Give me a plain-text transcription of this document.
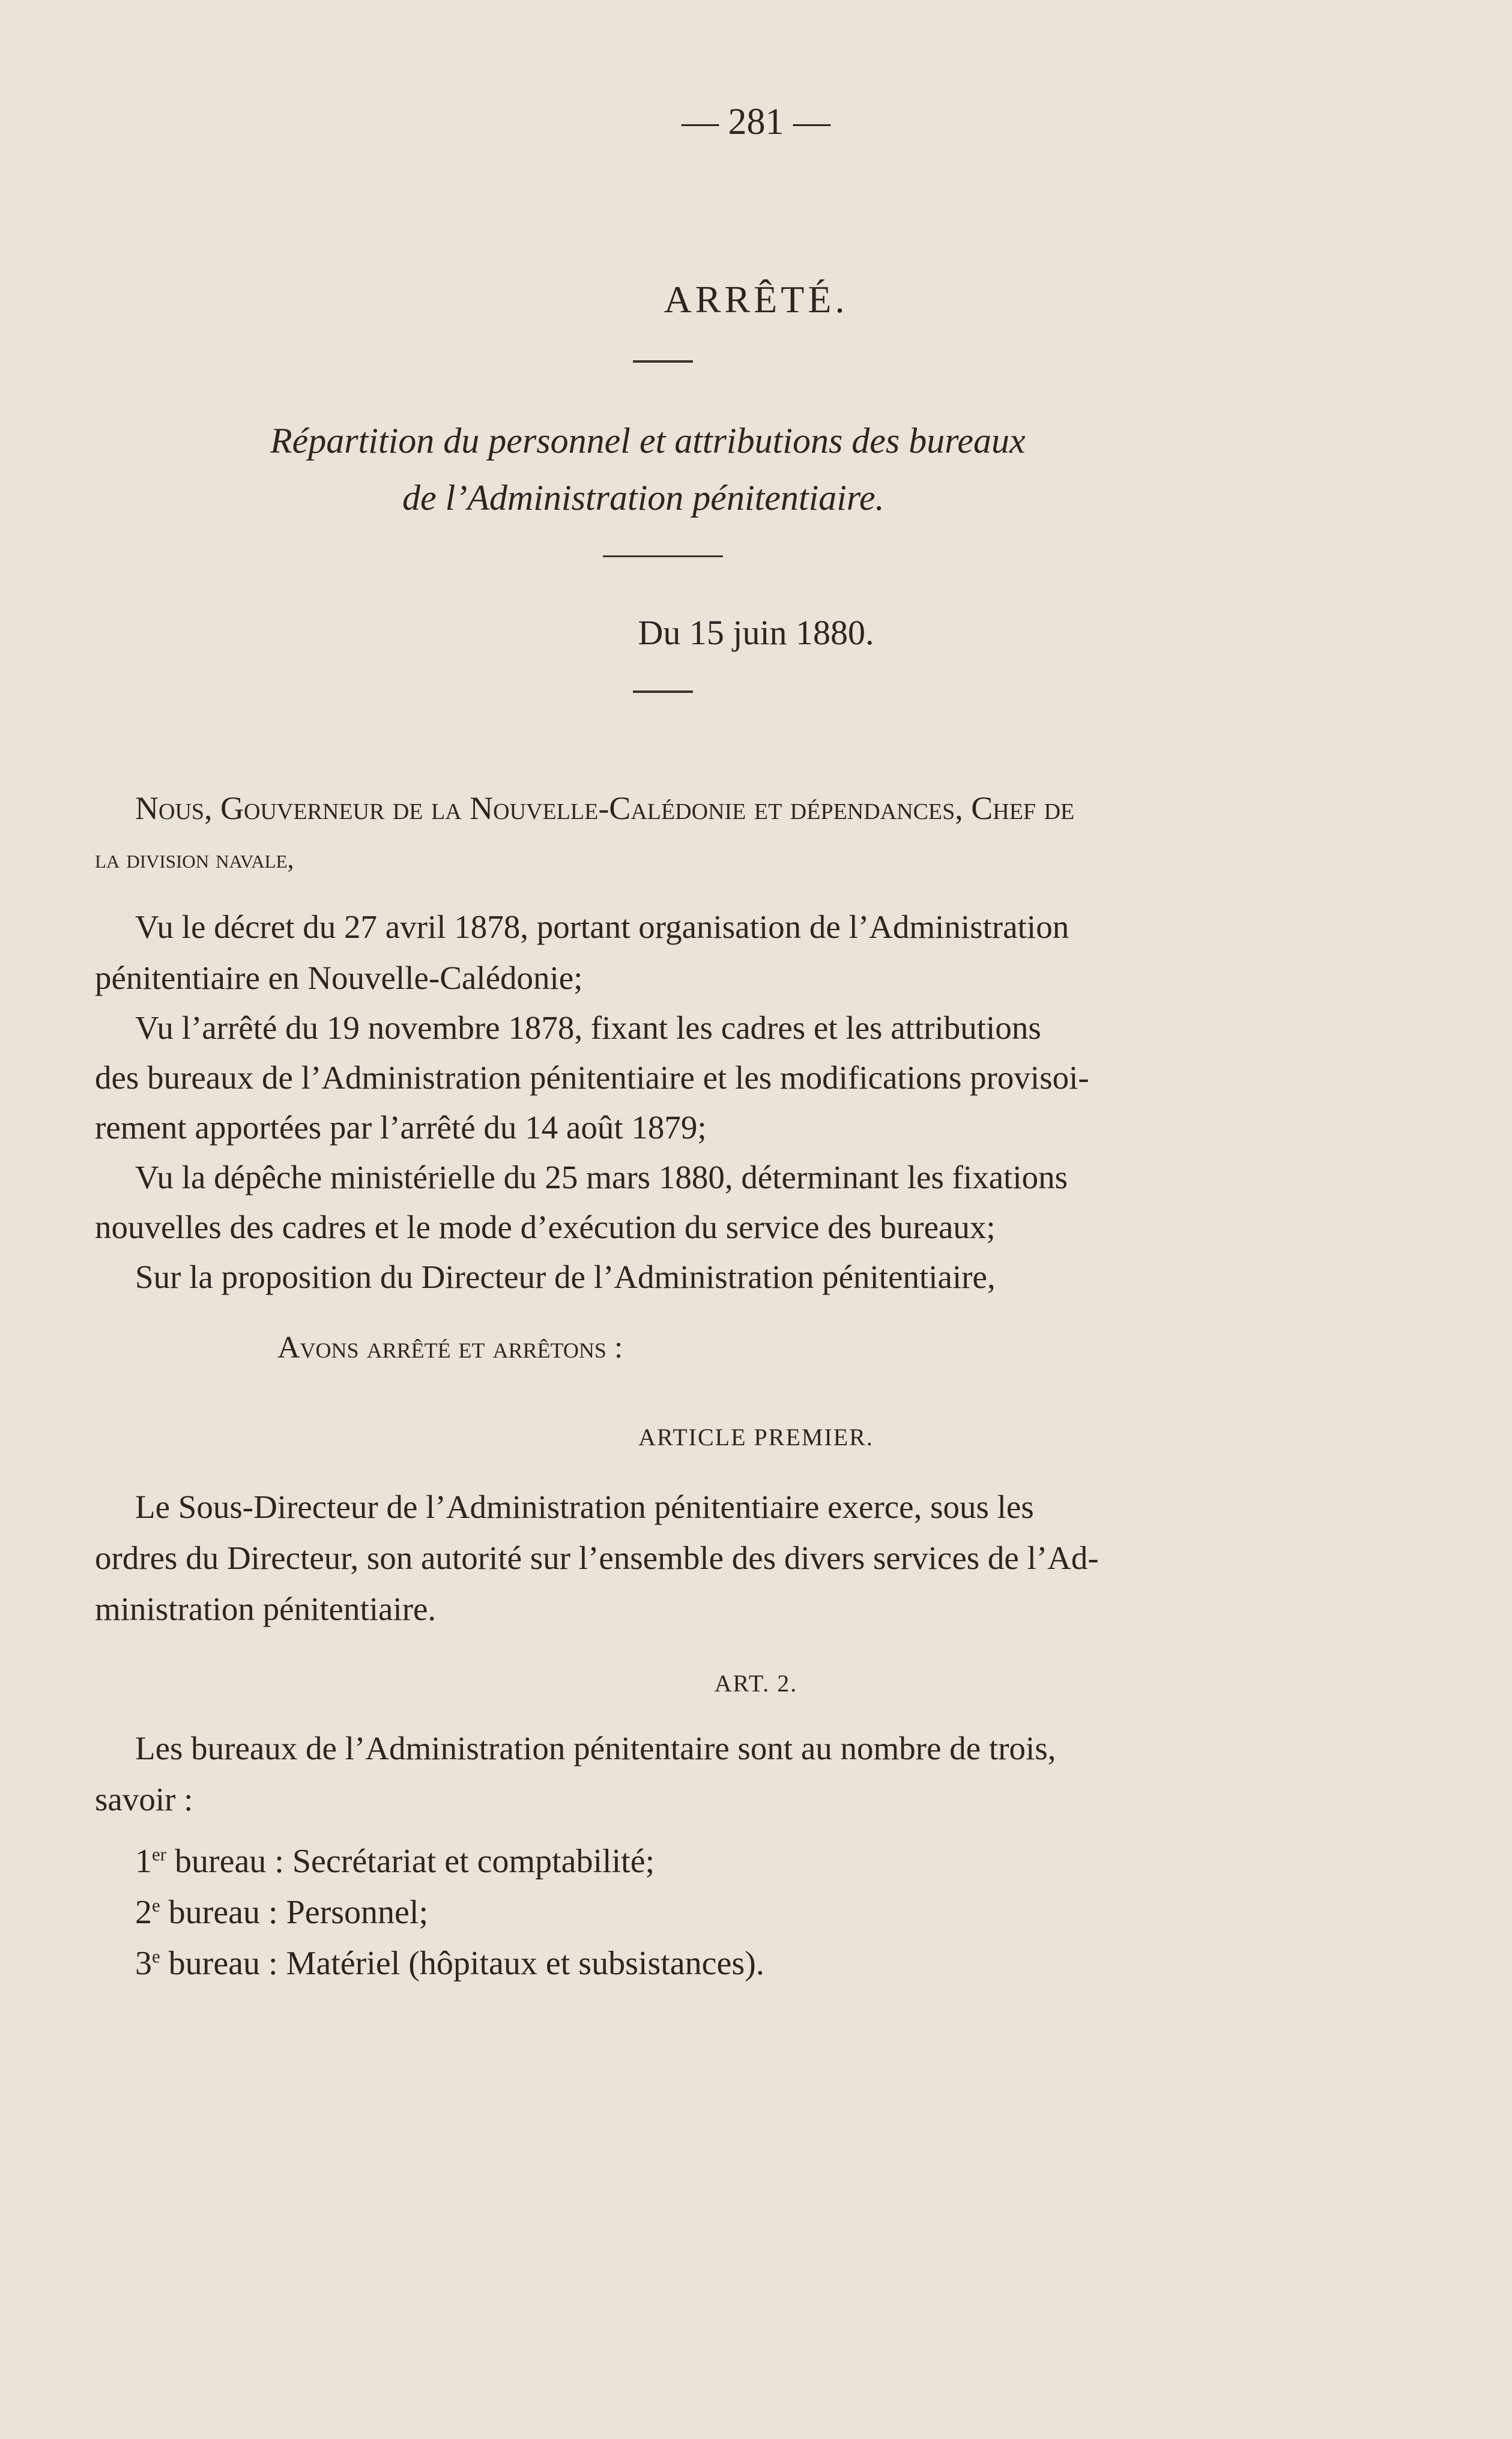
— 281 —
ARRÊTÉ.
Répartition du personnel et attributions des bureaux
de l’Administration pénitentiaire.
Du 15 juin 1880.
Nous, Gouverneur de la Nouvelle-Calédonie et dépendances, Chef de
la division navale,
Vu le décret du 27 avril 1878, portant organisation de l’Administration
pénitentiaire en Nouvelle-Calédonie;
Vu l’arrêté du 19 novembre 1878, fixant les cadres et les attributions
des bureaux de l’Administration pénitentiaire et les modifications provisoi-
rement apportées par l’arrêté du 14 août 1879;
Vu la dépêche ministérielle du 25 mars 1880, déterminant les fixations
nouvelles des cadres et le mode d’exécution du service des bureaux;
Sur la proposition du Directeur de l’Administration pénitentiaire,
Avons arrêté et arrêtons :
ARTICLE PREMIER.
Le Sous-Directeur de l’Administration pénitentiaire exerce, sous les
ordres du Directeur, son autorité sur l’ensemble des divers services de l’Ad-
ministration pénitentiaire.
ART. 2.
Les bureaux de l’Administration pénitentaire sont au nombre de trois,
savoir :
1er bureau : Secrétariat et comptabilité;
2e bureau : Personnel;
3e bureau : Matériel (hôpitaux et subsistances).
